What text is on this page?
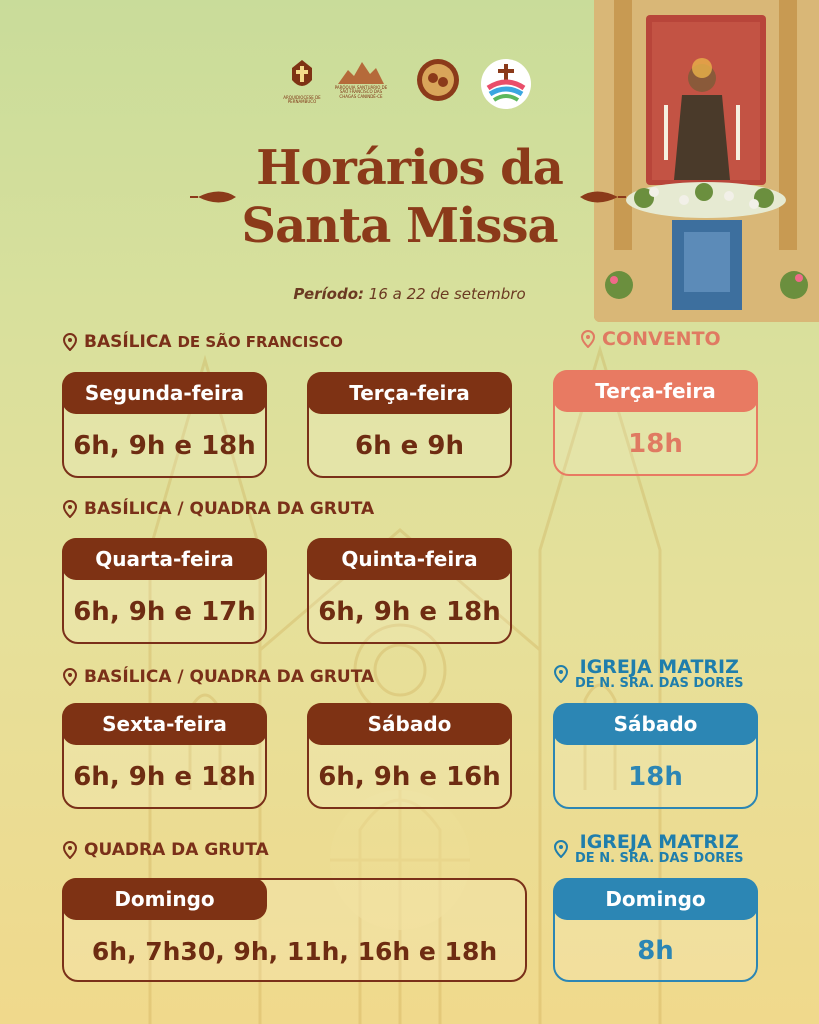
ARQUIDIOCESE DE PERNAMBUCO
PARÓQUIA SANTUÁRIO DE SÃO FRANCISCO DAS CHAGAS CANINDÉ-CE
Horários da
Santa Missa
Período: 16 a 22 de setembro
BASÍLICA DE SÃO FRANCISCO	CONVENTO
Segunda-feira
6h, 9h e 18h
Terça-feira
6h e 9h
Terça-feira
18h
BASÍLICA / QUADRA DA GRUTA
Quarta-feira
6h, 9h e 17h
Quinta-feira
6h, 9h e 18h
BASÍLICA / QUADRA DA GRUTA	IGREJA MATRIZ
DE N. SRA. DAS DORES
Sexta-feira
6h, 9h e 18h
Sábado
6h, 9h e 16h
Sábado
18h
QUADRA DA GRUTA	IGREJA MATRIZ
DE N. SRA. DAS DORES
Domingo
6h, 7h30, 9h, 11h, 16h e 18h
Domingo
8h
